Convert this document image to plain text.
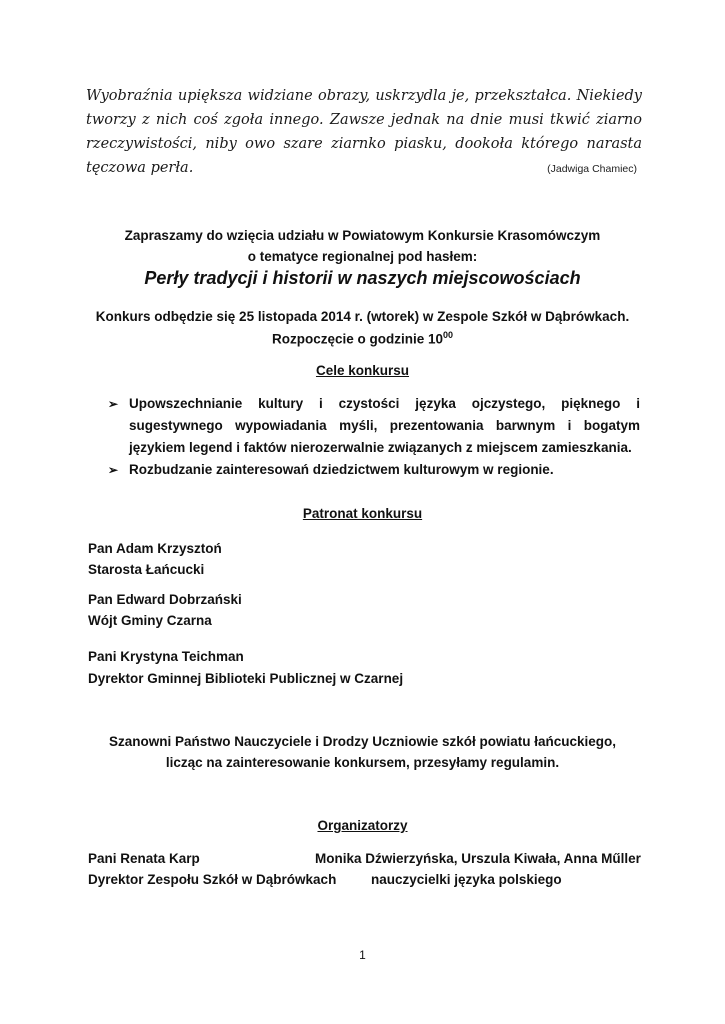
Wyobraźnia upiększa widziane obrazy, uskrzydla je, przekształca. Niekiedy tworzy z nich coś zgoła innego. Zawsze jednak na dnie musi tkwić ziarno rzeczywistości, niby owo szare ziarnko piasku, dookoła którego narasta tęczowa perła.	(Jadwiga Chamiec)
Zapraszamy do wzięcia udziału w Powiatowym Konkursie Krasomówczym
o tematyce regionalnej pod hasłem:
Perły tradycji i historii w naszych miejscowościach
Konkurs odbędzie się 25 listopada 2014 r. (wtorek) w Zespole Szkół w Dąbrówkach.
Rozpoczęcie o godzinie $10^{00}$
Cele konkursu

➢ Upowszechnianie kultury i czystości języka ojczystego, pięknego i sugestywnego wypowiadania myśli, prezentowania barwnym i bogatym językiem legend i faktów nierozerwalnie związanych z miejscem zamieszkania.

➢ Rozbudzanie zainteresowań dziedzictwem kulturowym w regionie.

Patronat konkursu
Pan Adam Krzysztoń
Starosta Łańcucki
Pan Edward Dobrzański
Wójt Gminy Czarna
Pani Krystyna Teichman
Dyrektor Gminnej Biblioteki Publicznej w Czarnej
Szanowni Państwo Nauczyciele i Drodzy Uczniowie szkół powiatu łańcuckiego,
licząc na zainteresowanie konkursem, przesyłamy regulamin.
Organizatorzy
Pani Renata Karp
Dyrektor Zespołu Szkół w Dąbrówkach
Monika Dźwierzyńska, Urszula Kiwała, Anna Műller
nauczycielki języka polskiego
1
